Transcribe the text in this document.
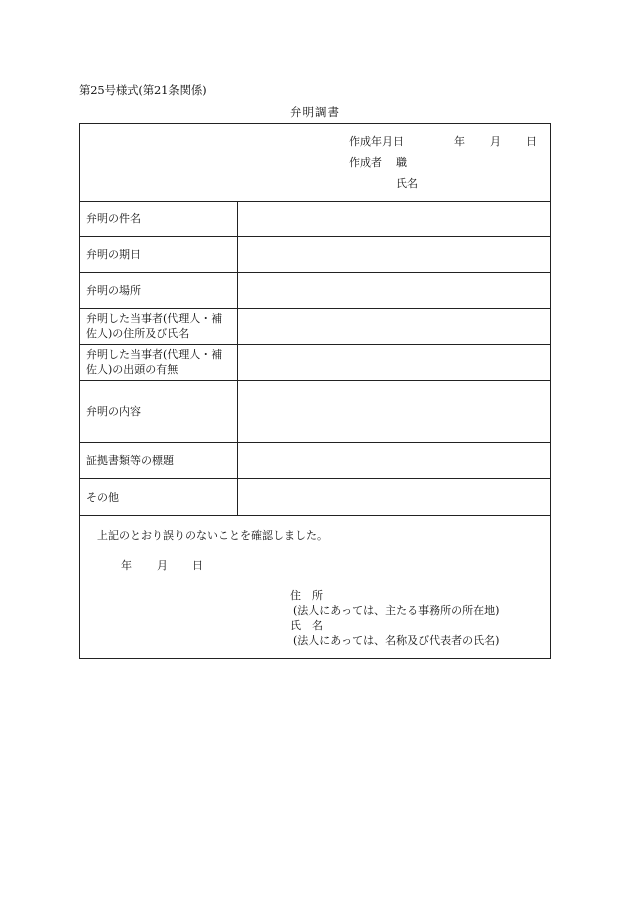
第25号様式(第21条関係)
弁明調書
作成年月日	年 月 日
作成者 職
氏名
弁明の件名
弁明の期日
弁明の場所
弁明した当事者(代理人・補
佐人)の住所及び氏名
弁明した当事者(代理人・補
佐人)の出頭の有無
弁明の内容
証拠書類等の標題
その他
上記のとおり誤りのないことを確認しました。
年 月 日
住　所
(法人にあっては、主たる事務所の所在地)
氏　名
(法人にあっては、名称及び代表者の氏名)
